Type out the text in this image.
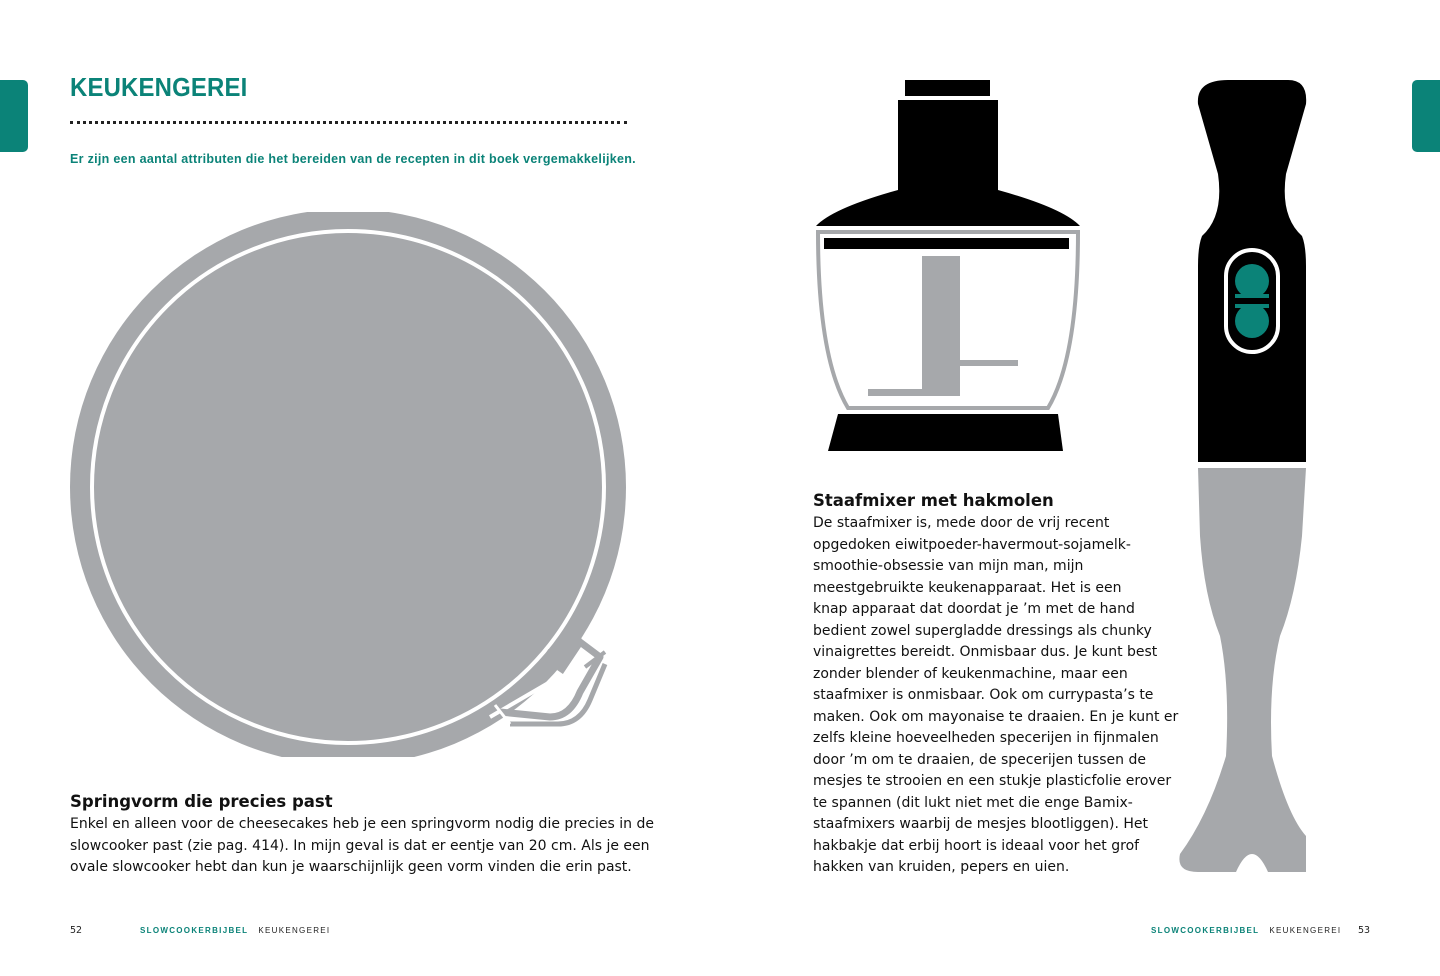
KEUKENGEREI

Er zijn een aantal attributen die het bereiden van de recepten in dit boek vergemakkelijken.

Springvorm die precies past

Enkel en alleen voor de cheesecakes heb je een springvorm nodig die precies in de
slowcooker past (zie pag. 414). In mijn geval is dat er eentje van 20 cm. Als je een
ovale slowcooker hebt dan kun je waarschijnlijk geen vorm vinden die erin past.

Staafmixer met hakmolen

De staafmixer is, mede door de vrij recent
opgedoken eiwitpoeder-havermout-sojamelk-
smoothie-obsessie van mijn man, mijn
meestgebruikte keukenapparaat. Het is een
knap apparaat dat doordat je ’m met de hand
bedient zowel supergladde dressings als chunky
vinaigrettes bereidt. Onmisbaar dus. Je kunt best
zonder blender of keukenmachine, maar een
staafmixer is onmisbaar. Ook om currypasta’s te
maken. Ook om mayonaise te draaien. En je kunt er
zelfs kleine hoeveelheden specerijen in fijnmalen
door ’m om te draaien, de specerijen tussen de
mesjes te strooien en een stukje plasticfolie erover
te spannen (dit lukt niet met die enge Bamix-
staafmixers waarbij de mesjes blootliggen). Het
hakbakje dat erbij hoort is ideaal voor het grof
hakken van kruiden, pepers en uien.

52	SLOWCOOKERBIJBEL KEUKENGEREI	SLOWCOOKERBIJBEL KEUKENGEREI 53
